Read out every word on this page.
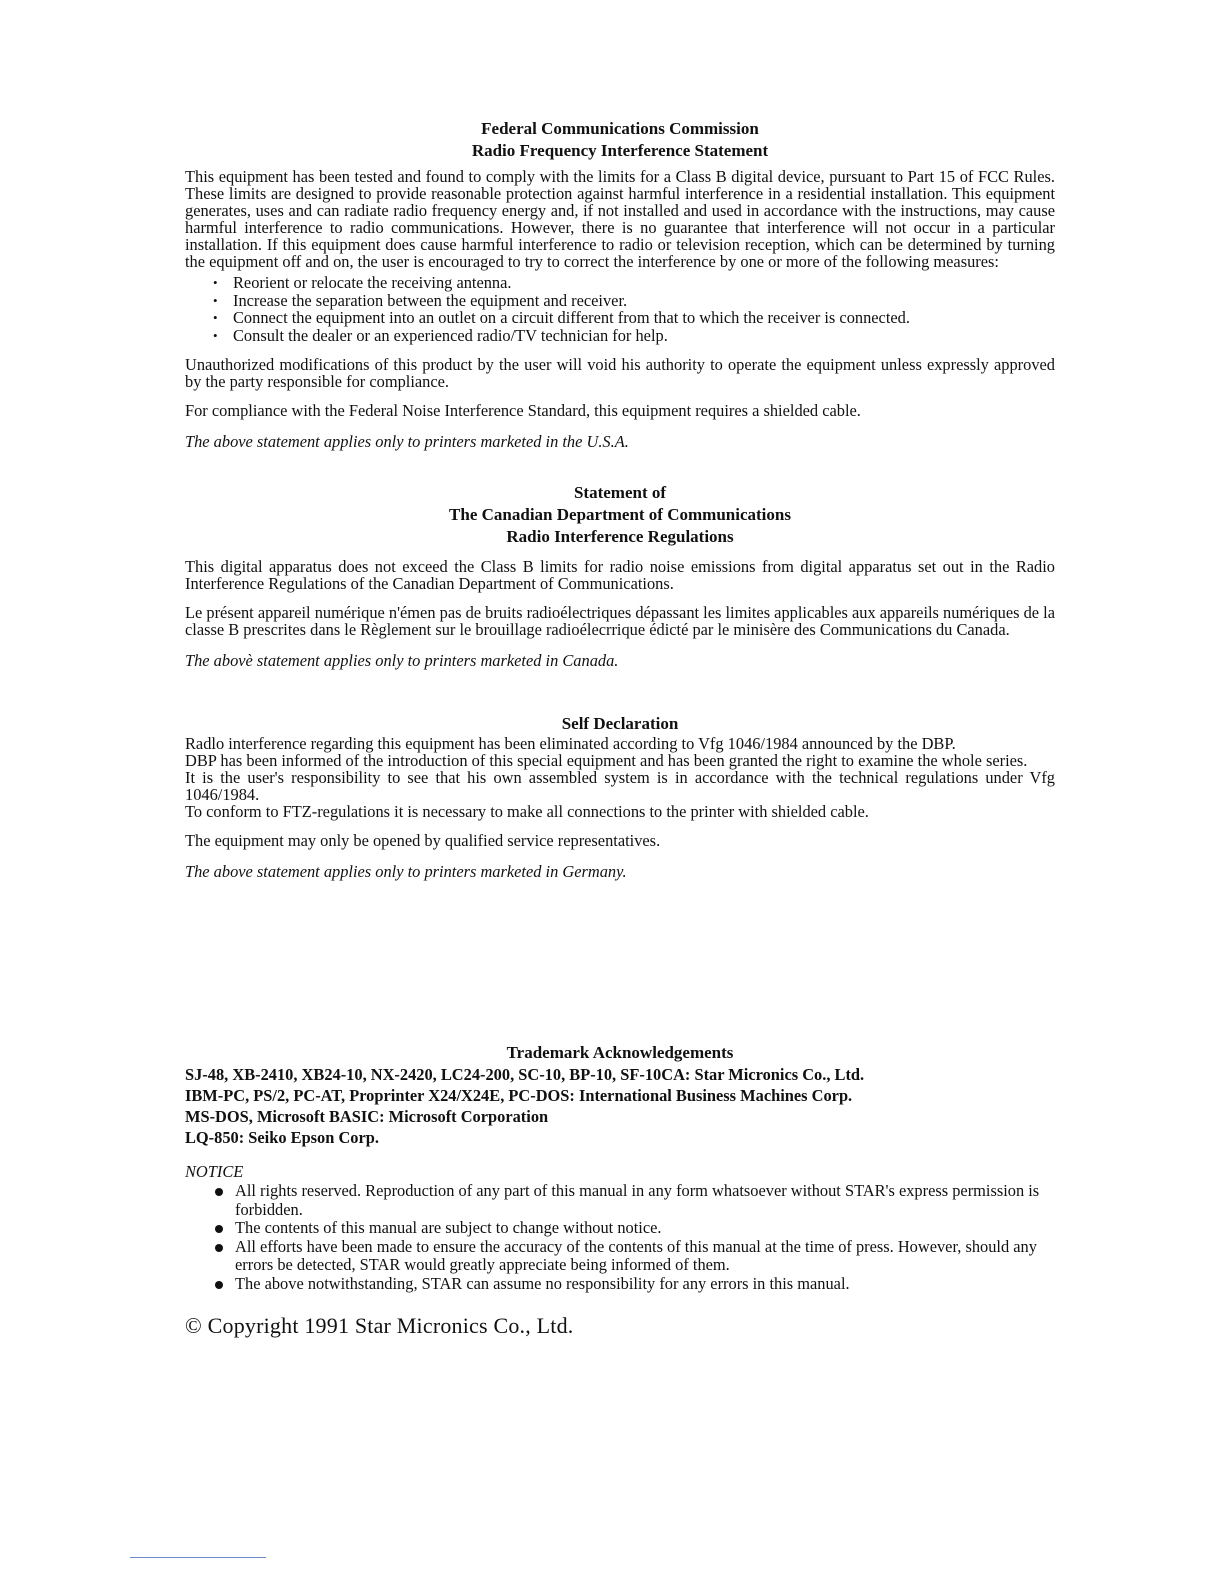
Federal Communications Commission
Radio Frequency Interference Statement

This equipment has been tested and found to comply with the limits for a Class B digital device, pursuant to Part 15 of FCC Rules. These limits are designed to provide reasonable protection against harmful interference in a residential installation. This equipment generates, uses and can radiate radio frequency energy and, if not installed and used in accordance with the instructions, may cause harmful interference to radio communications. However, there is no guarantee that interference will not occur in a particular installation. If this equipment does cause harmful interference to radio or television reception, which can be determined by turning the equipment off and on, the user is encouraged to try to correct the interference by one or more of the following measures:

• Reorient or relocate the receiving antenna.
• Increase the separation between the equipment and receiver.
• Connect the equipment into an outlet on a circuit different from that to which the receiver is connected.
• Consult the dealer or an experienced radio/TV technician for help.

Unauthorized modifications of this product by the user will void his authority to operate the equipment unless expressly approved by the party responsible for compliance.

For compliance with the Federal Noise Interference Standard, this equipment requires a shielded cable.

The above statement applies only to printers marketed in the U.S.A.

Statement of
The Canadian Department of Communications
Radio Interference Regulations

This digital apparatus does not exceed the Class B limits for radio noise emissions from digital apparatus set out in the Radio Interference Regulations of the Canadian Department of Communications.

Le présent appareil numérique n'émen pas de bruits radioélectriques dépassant les limites applicables aux appareils numériques de la classe B prescrites dans le Règlement sur le brouillage radioélecrrique édicté par le minisère des Communications du Canada.

The abovè statement applies only to printers marketed in Canada.

Self Declaration

Radlo interference regarding this equipment has been eliminated according to Vfg 1046/1984 announced by the DBP.

DBP has been informed of the introduction of this special equipment and has been granted the right to examine the whole series.

It is the user's responsibility to see that his own assembled system is in accordance with the technical regulations under Vfg 1046/1984.

To conform to FTZ-regulations it is necessary to make all connections to the printer with shielded cable.

The equipment may only be opened by qualified service representatives.

The above statement applies only to printers marketed in Germany.

Trademark Acknowledgements
SJ-48, XB-2410, XB24-10, NX-2420, LC24-200, SC-10, BP-10, SF-10CA: Star Micronics Co., Ltd.
IBM-PC, PS/2, PC-AT, Proprinter X24/X24E, PC-DOS: International Business Machines Corp.
MS-DOS, Microsoft BASIC: Microsoft Corporation
LQ-850: Seiko Epson Corp.
NOTICE
All rights reserved. Reproduction of any part of this manual in any form whatsoever without STAR's express permission is forbidden.
The contents of this manual are subject to change without notice.
All efforts have been made to ensure the accuracy of the contents of this manual at the time of press. However, should any errors be detected, STAR would greatly appreciate being informed of them.
The above notwithstanding, STAR can assume no responsibility for any errors in this manual.
© Copyright 1991 Star Micronics Co., Ltd.
